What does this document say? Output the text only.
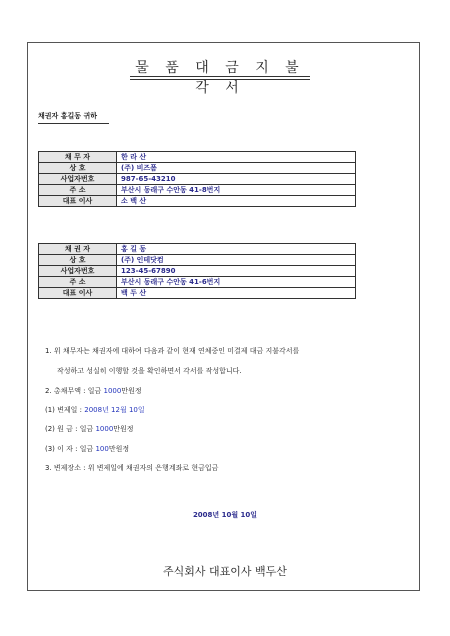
물 품 대 금 지 불 각 서
채권자 홍길동 귀하
채 무 자	한 라 산
상 호	(주) 비즈폼
사업자번호	987-65-43210
주 소	부산시 동래구 수안동 41-8번지
대표 이사	소 백 산
채 권 자	홍 길 동
상 호	(주) 인테닷컴
사업자번호	123-45-67890
주 소	부산시 동래구 수안동 41-6번지
대표 이사	백 두 산
1. 위 채무자는 채권자에 대하여 다음과 같이 현재 연체중인 미결제 대금 지불각서를
작성하고 성실히 이행할 것을 확인하면서 각서를 작성합니다.
2. 총채무액 : 일금 1000만원정
(1) 변제일 : 2008년 12월 10일
(2) 원 금 : 일금 1000만원정
(3) 이 자 : 일금 100만원정
3. 변제장소 : 위 변제일에 채권자의 은행계좌로 현금입금
2008년 10월 10일
주식회사 대표이사 백두산
